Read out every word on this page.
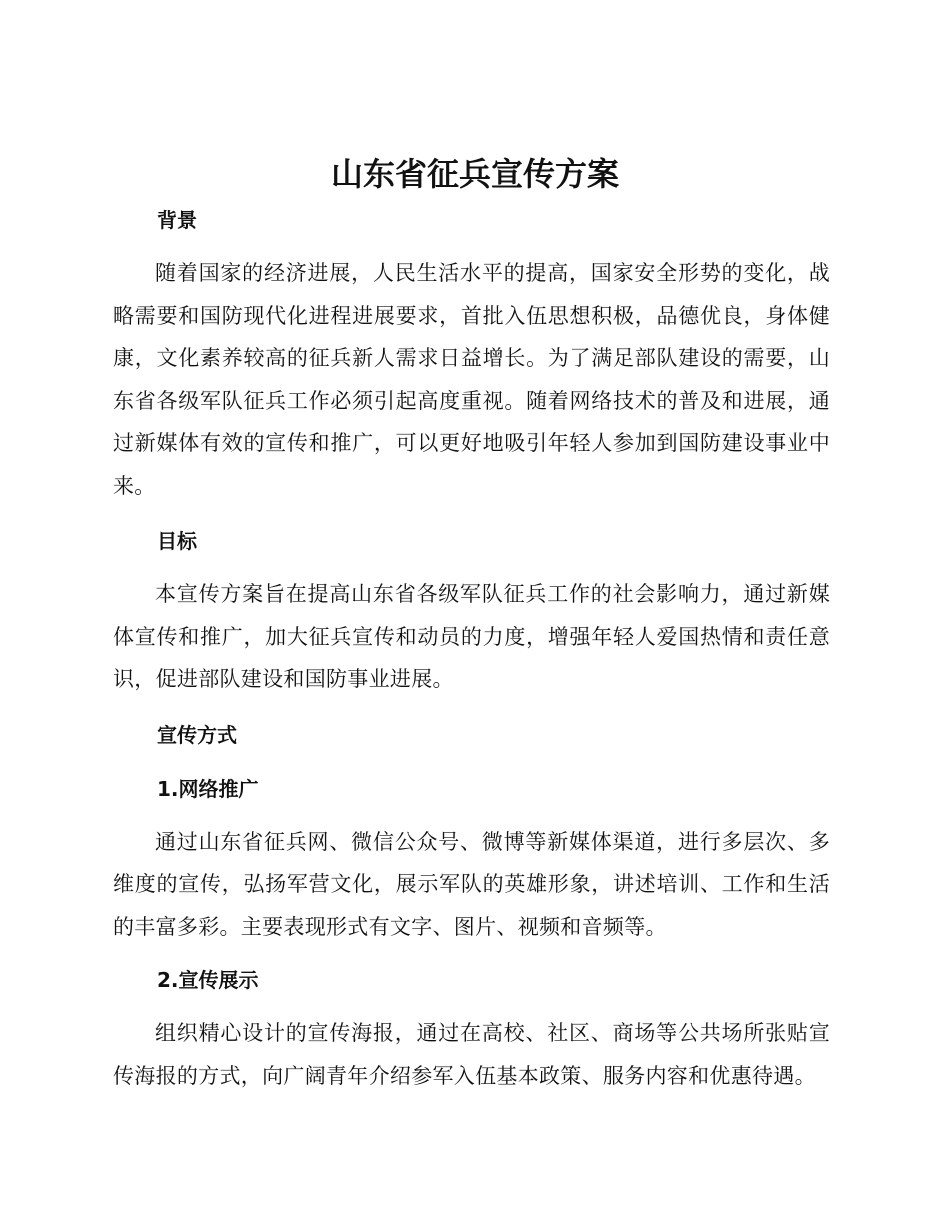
山东省征兵宣传方案
背景

随着国家的经济进展，人民生活水平的提高，国家安全形势的变化，战略需要和国防现代化进程进展要求，首批入伍思想积极，品德优良，身体健康，文化素养较高的征兵新人需求日益增长。为了满足部队建设的需要，山东省各级军队征兵工作必须引起高度重视。随着网络技术的普及和进展，通过新媒体有效的宣传和推广，可以更好地吸引年轻人参加到国防建设事业中来。

目标

本宣传方案旨在提高山东省各级军队征兵工作的社会影响力，通过新媒体宣传和推广，加大征兵宣传和动员的力度，增强年轻人爱国热情和责任意识，促进部队建设和国防事业进展。

宣传方式
1.网络推广

通过山东省征兵网、微信公众号、微博等新媒体渠道，进行多层次、多维度的宣传，弘扬军营文化，展示军队的英雄形象，讲述培训、工作和生活的丰富多彩。主要表现形式有文字、图片、视频和音频等。

2.宣传展示

组织精心设计的宣传海报，通过在高校、社区、商场等公共场所张贴宣传海报的方式，向广阔青年介绍参军入伍基本政策、服务内容和优惠待遇。
